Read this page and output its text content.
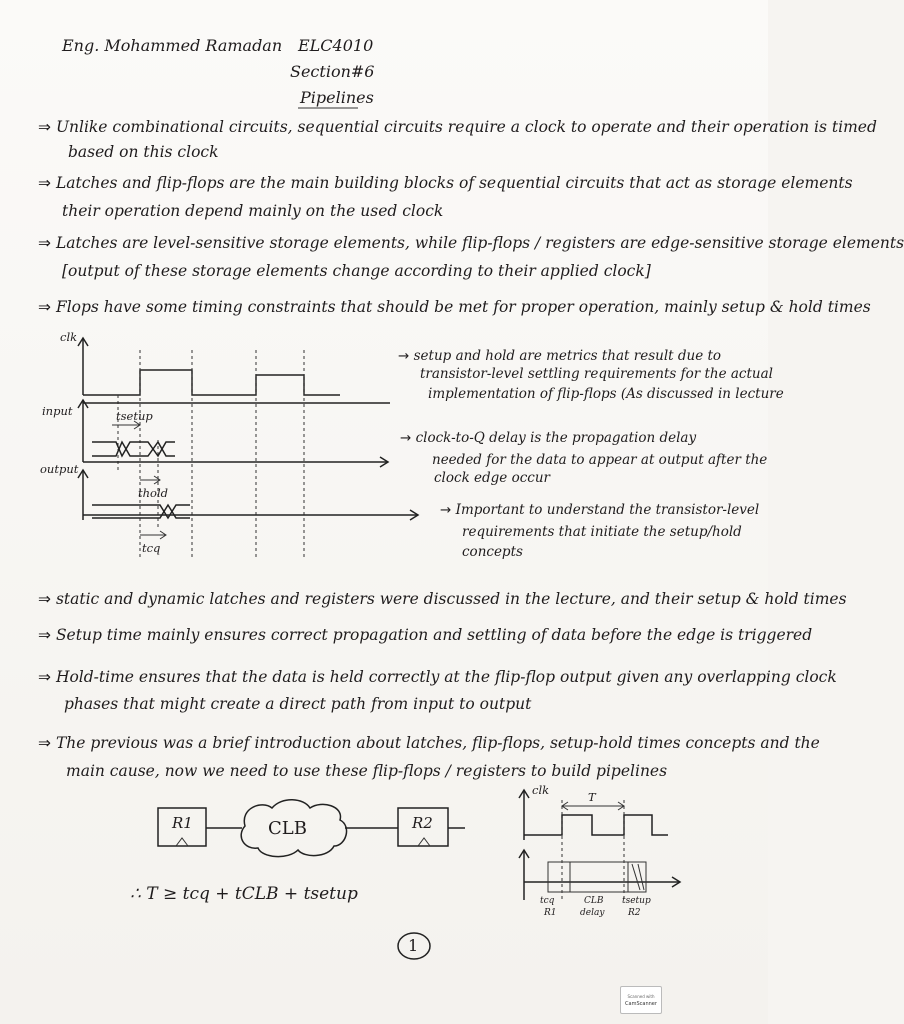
Eng. Mohammed Ramadan ELC4010
Section#6
Pipelines
⇒ Unlike combinational circuits, sequential circuits require a clock to operate and their operation is timed
based on this clock
⇒ Latches and flip-flops are the main building blocks of sequential circuits that act as storage elements
their operation depend mainly on the used clock
⇒ Latches are level-sensitive storage elements, while flip-flops / registers are edge-sensitive storage elements
[output of these storage elements change according to their applied clock]
⇒ Flops have some timing constraints that should be met for proper operation, mainly setup & hold times
clk
input
output
tsetup
thold
tcq
→ setup and hold are metrics that result due to
transistor-level settling requirements for the actual
implementation of flip-flops (As discussed in lecture
→ clock-to-Q delay is the propagation delay
needed for the data to appear at output after the
clock edge occur
→ Important to understand the transistor-level
requirements that initiate the setup/hold
concepts
⇒ static and dynamic latches and registers were discussed in the lecture, and their setup & hold times
⇒ Setup time mainly ensures correct propagation and settling of data before the edge is triggered
⇒ Hold-time ensures that the data is held correctly at the flip-flop output given any overlapping clock
phases that might create a direct path from input to output
⇒ The previous was a brief introduction about latches, flip-flops, setup-hold times concepts and the
main cause, now we need to use these flip-flops / registers to build pipelines
R1	CLB	R2
∴ T ≥ tcq + tCLB + tsetup
clk	T
tcq
R1
CLB
delay
tsetup
R2
1
Scanned with
CamScanner
